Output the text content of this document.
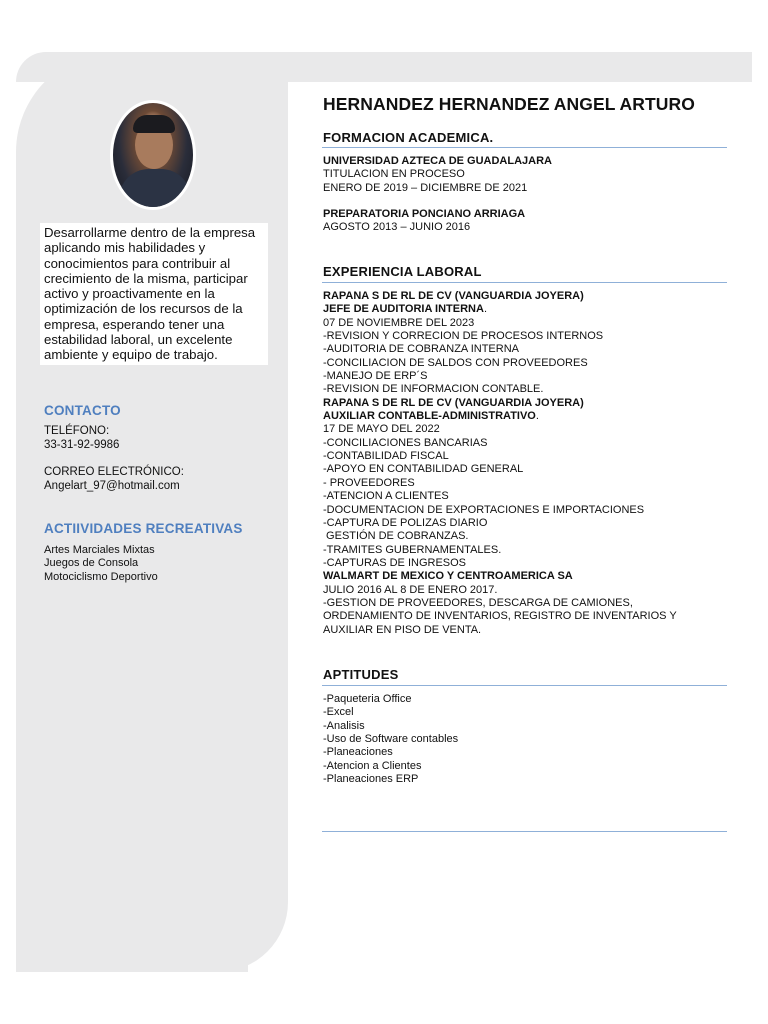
Desarrollarme dentro de la empresa aplicando mis habilidades y conocimientos para contribuir al crecimiento de la misma, participar activo y proactivamente en la optimización de los recursos de la empresa, esperando tener una estabilidad laboral, un excelente ambiente y equipo de trabajo.
CONTACTO
TELÉFONO:
33-31-92-9986
CORREO ELECTRÓNICO:
Angelart_97@hotmail.com
ACTIIVIDADES RECREATIVAS
Artes Marciales Mixtas
Juegos de Consola
Motociclismo Deportivo
HERNANDEZ HERNANDEZ ANGEL ARTURO
FORMACION ACADEMICA.
UNIVERSIDAD AZTECA DE GUADALAJARA
TITULACION EN PROCESO
ENERO DE 2019 – DICIEMBRE DE 2021
PREPARATORIA PONCIANO ARRIAGA
AGOSTO 2013 – JUNIO 2016
EXPERIENCIA LABORAL
RAPANA S DE RL DE CV (VANGUARDIA JOYERA)
JEFE DE AUDITORIA INTERNA.
07 DE NOVIEMBRE DEL 2023
-REVISION Y CORRECION DE PROCESOS INTERNOS
-AUDITORIA DE COBRANZA INTERNA
-CONCILIACION DE SALDOS CON PROVEEDORES
-MANEJO DE ERP´S
-REVISION DE INFORMACION CONTABLE.
RAPANA S DE RL DE CV (VANGUARDIA JOYERA)
AUXILIAR CONTABLE-ADMINISTRATIVO.
17 DE MAYO DEL 2022
-CONCILIACIONES BANCARIAS
-CONTABILIDAD FISCAL
-APOYO EN CONTABILIDAD GENERAL
- PROVEEDORES
-ATENCION A CLIENTES
-DOCUMENTACION DE EXPORTACIONES E IMPORTACIONES
-CAPTURA DE POLIZAS DIARIO
GESTIÓN DE COBRANZAS.
-TRAMITES GUBERNAMENTALES.
-CAPTURAS DE INGRESOS
WALMART DE MEXICO Y CENTROAMERICA SA
JULIO 2016 AL 8 DE ENERO 2017.
-GESTION DE PROVEEDORES, DESCARGA DE CAMIONES,
ORDENAMIENTO DE INVENTARIOS, REGISTRO DE INVENTARIOS Y
AUXILIAR EN PISO DE VENTA.
APTITUDES
-Paqueteria Office
-Excel
-Analisis
-Uso de Software contables
-Planeaciones
-Atencion a Clientes
-Planeaciones ERP
